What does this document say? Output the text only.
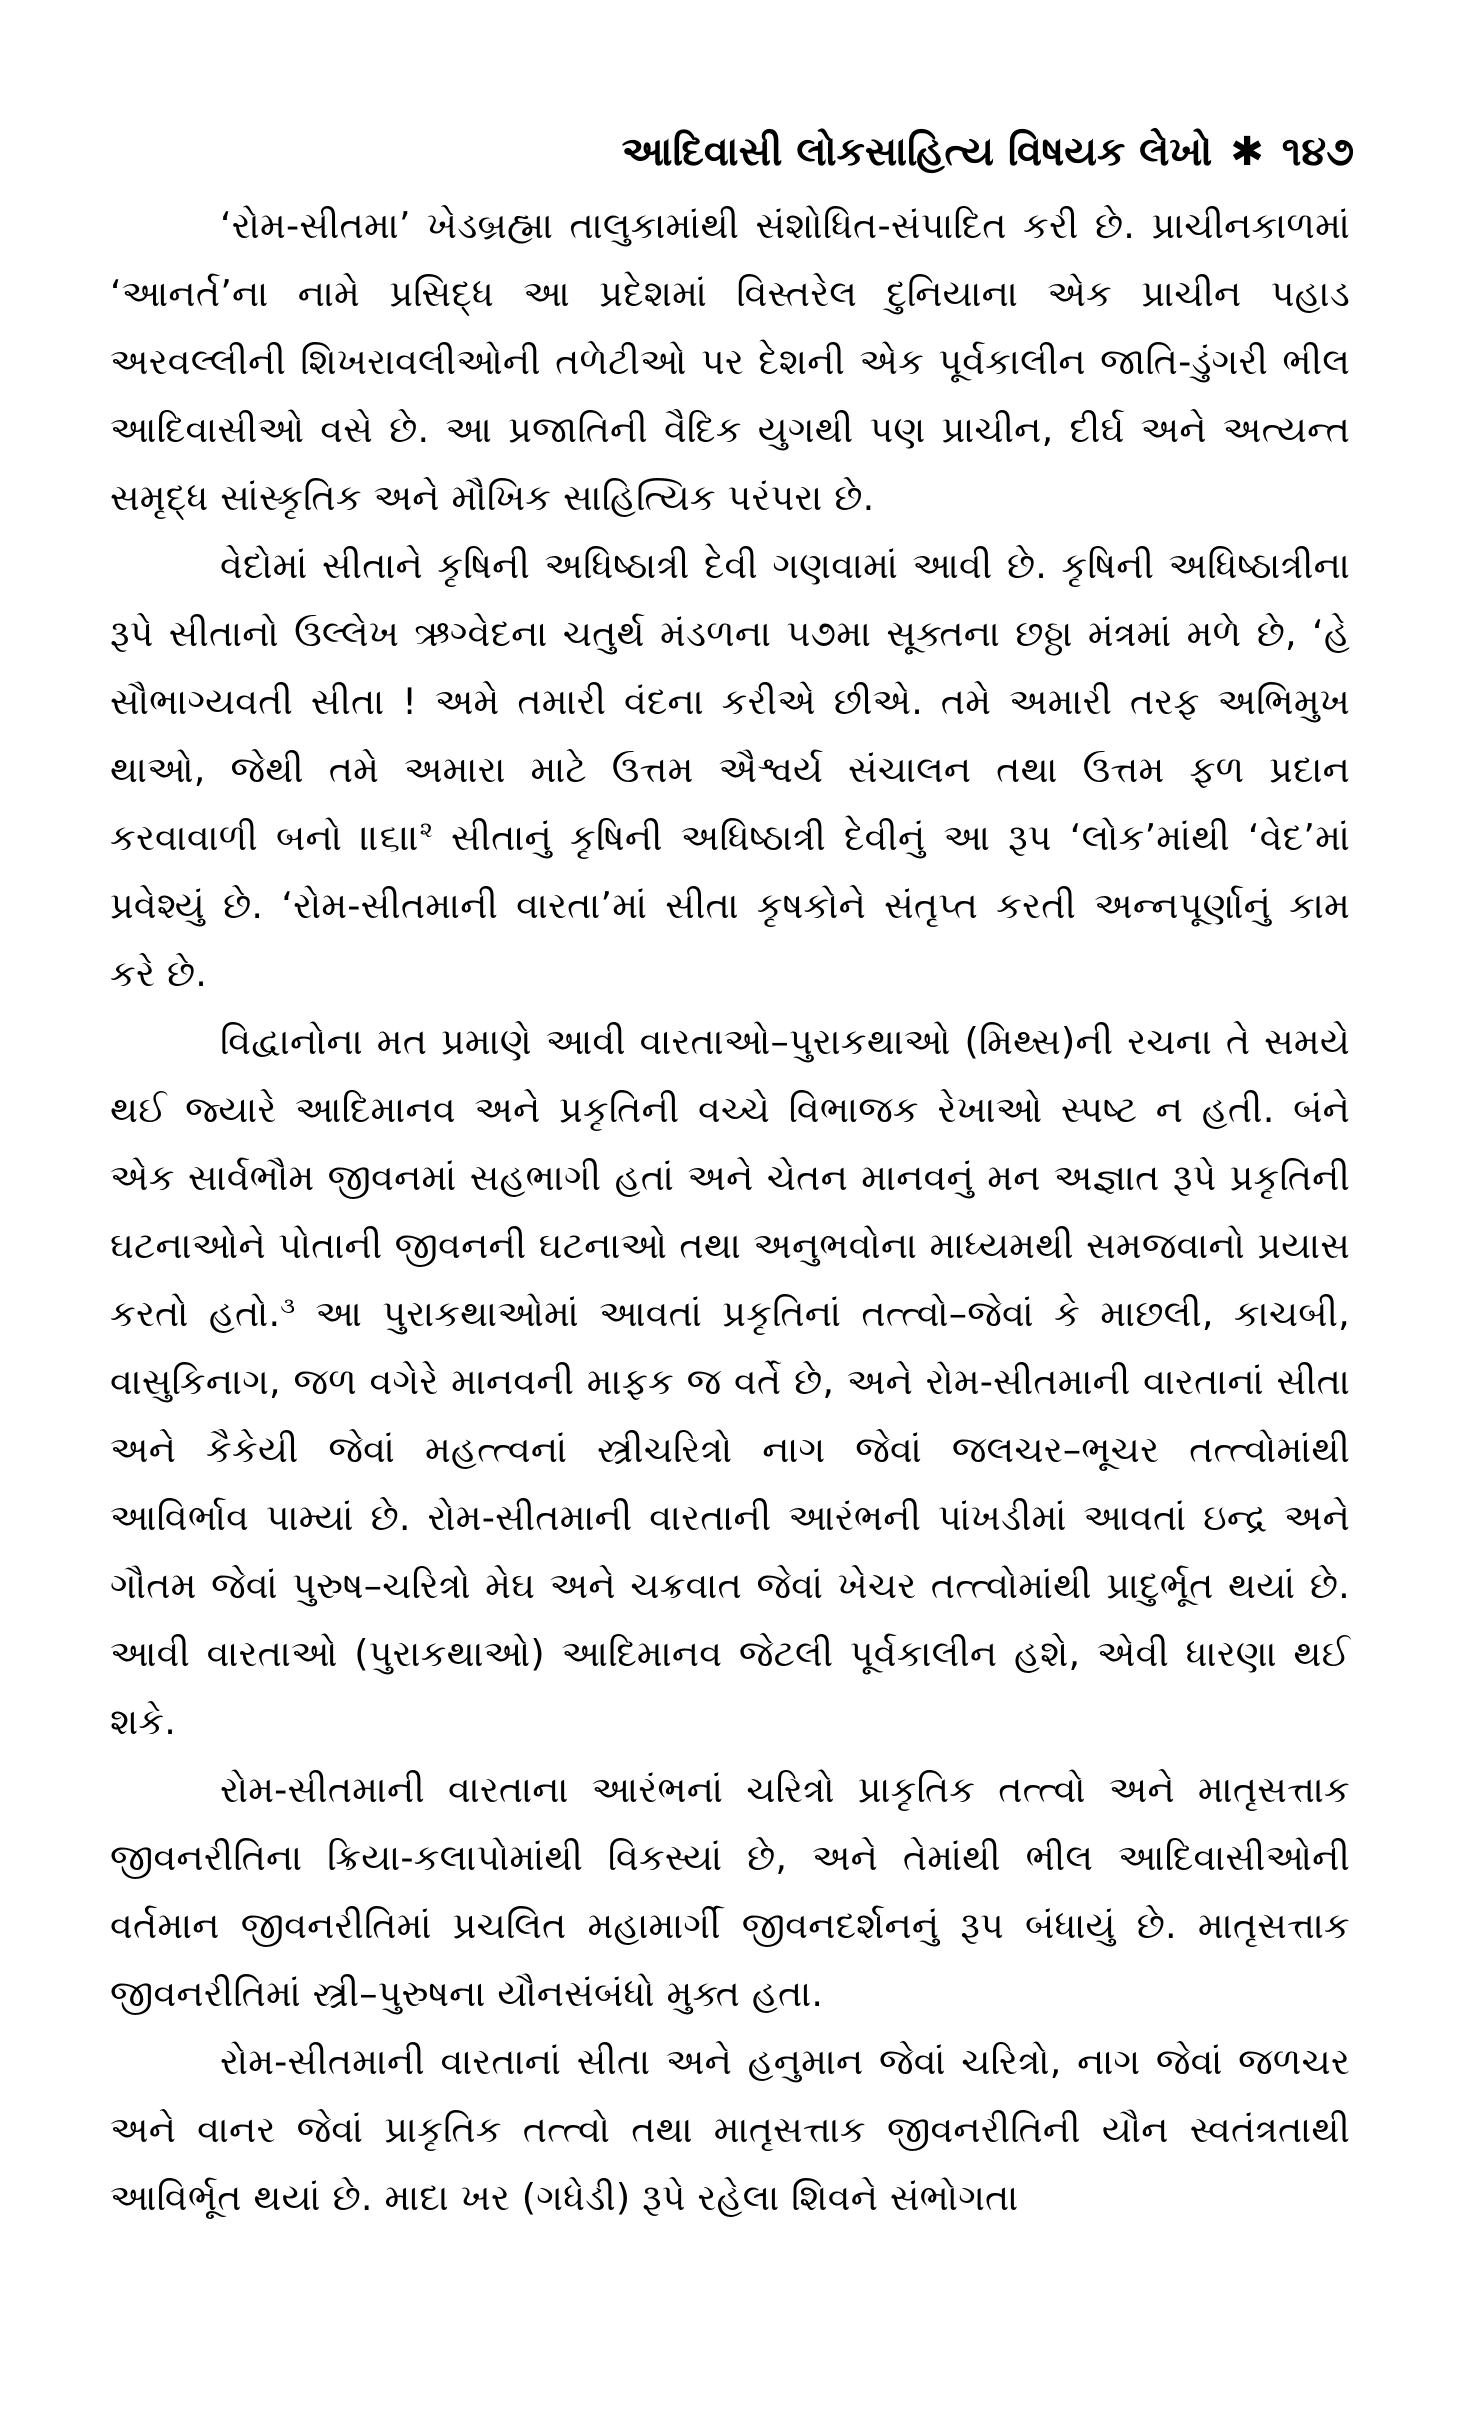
આદિવાસી લોકસાહિત્ય વિષયક લેખો ✱ ૧૪૭

‘રોમ-સીતમા’ ખેડબ્રહ્મા તાલુકામાંથી સંશોધિત-સંપાદિત કરી છે. પ્રાચીનકાળમાં ‘આનર્ત’ના નામે પ્રસિદ્ધ આ પ્રદેશમાં વિસ્તરેલ દુનિયાના એક પ્રાચીન પહાડ અરવલ્લીની શિખરાવલીઓની તળેટીઓ પર દેશની એક પૂર્વકાલીન જાતિ-ડુંગરી ભીલ આદિવાસીઓ વસે છે. આ પ્રજાતિની વૈદિક યુગથી પણ પ્રાચીન, દીર્ઘ અને અત્યન્ત સમૃદ્ધ સાંસ્કૃતિક અને મૌખિક સાહિત્યિક પરંપરા છે.

વેદોમાં સીતાને કૃષિની અધિષ્ઠાત્રી દેવી ગણવામાં આવી છે. કૃષિની અધિષ્ઠાત્રીના રૂપે સીતાનો ઉલ્લેખ ઋગ્વેદના ચતુર્થ મંડળના ૫૭મા સૂક્તના છઠ્ઠા મંત્રમાં મળે છે, ‘હે સૌભાગ્યવતી સીતા ! અમે તમારી વંદના કરીએ છીએ. તમે અમારી તરફ અભિમુખ થાઓ, જેથી તમે અમારા માટે ઉત્તમ ઐશ્વર્ય સંચાલન તથા ઉત્તમ ફળ પ્રદાન કરવાવાળી બનો ॥૬॥$^૨$ સીતાનું કૃષિની અધિષ્ઠાત્રી દેવીનું આ રૂપ ‘લોક’માંથી ‘વેદ’માં પ્રવેશ્યું છે. ‘રોમ-સીતમાની વારતા’માં સીતા કૃષકોને સંતૃપ્ત કરતી અન્નપૂર્ણાનું કામ કરે છે.

વિદ્વાનોના મત પ્રમાણે આવી વારતાઓ–પુરાકથાઓ (મિથ્સ)ની રચના તે સમયે થઈ જ્યારે આદિમાનવ અને પ્રકૃતિની વચ્ચે વિભાજક રેખાઓ સ્પષ્ટ ન હતી. બંને એક સાર્વભૌમ જીવનમાં સહભાગી હતાં અને ચેતન માનવનું મન અજ્ઞાત રૂપે પ્રકૃતિની ઘટનાઓને પોતાની જીવનની ઘટનાઓ તથા અનુભવોના માધ્યમથી સમજવાનો પ્રયાસ કરતો હતો.$^૩$ આ પુરાકથાઓમાં આવતાં પ્રકૃતિનાં તત્ત્વો–જેવાં કે માછલી, કાચબી, વાસુકિનાગ, જળ વગેરે માનવની માફક જ વર્તે છે, અને રોમ-સીતમાની વારતાનાં સીતા અને કૈકેયી જેવાં મહત્ત્વનાં સ્ત્રીચરિત્રો નાગ જેવાં જલચર–ભૂચર તત્ત્વોમાંથી આવિર્ભાવ પામ્યાં છે. રોમ-સીતમાની વારતાની આરંભની પાંખડીમાં આવતાં ઇન્દ્ર અને ગૌતમ જેવાં પુરુષ–ચરિત્રો મેઘ અને ચક્રવાત જેવાં ખેચર તત્ત્વોમાંથી પ્રાદુર્ભૂત થયાં છે. આવી વારતાઓ (પુરાકથાઓ) આદિમાનવ જેટલી પૂર્વકાલીન હશે, એવી ધારણા થઈ શકે.

રોમ-સીતમાની વારતાના આરંભનાં ચરિત્રો પ્રાકૃતિક તત્ત્વો અને માતૃસત્તાક જીવનરીતિના ક્રિયા-કલાપોમાંથી વિકસ્યાં છે, અને તેમાંથી ભીલ આદિવાસીઓની વર્તમાન જીવનરીતિમાં પ્રચલિત મહામાર્ગી જીવનદર્શનનું રૂપ બંધાયું છે. માતૃસત્તાક જીવનરીતિમાં સ્ત્રી–પુરુષના યૌનસંબંધો મુક્ત હતા.

રોમ-સીતમાની વારતાનાં સીતા અને હનુમાન જેવાં ચરિત્રો, નાગ જેવાં જળચર અને વાનર જેવાં પ્રાકૃતિક તત્ત્વો તથા માતૃસત્તાક જીવનરીતિની યૌન સ્વતંત્રતાથી આવિર્ભૂત થયાં છે. માદા ખર (ગધેડી) રૂપે રહેલા શિવને સંભોગતા
